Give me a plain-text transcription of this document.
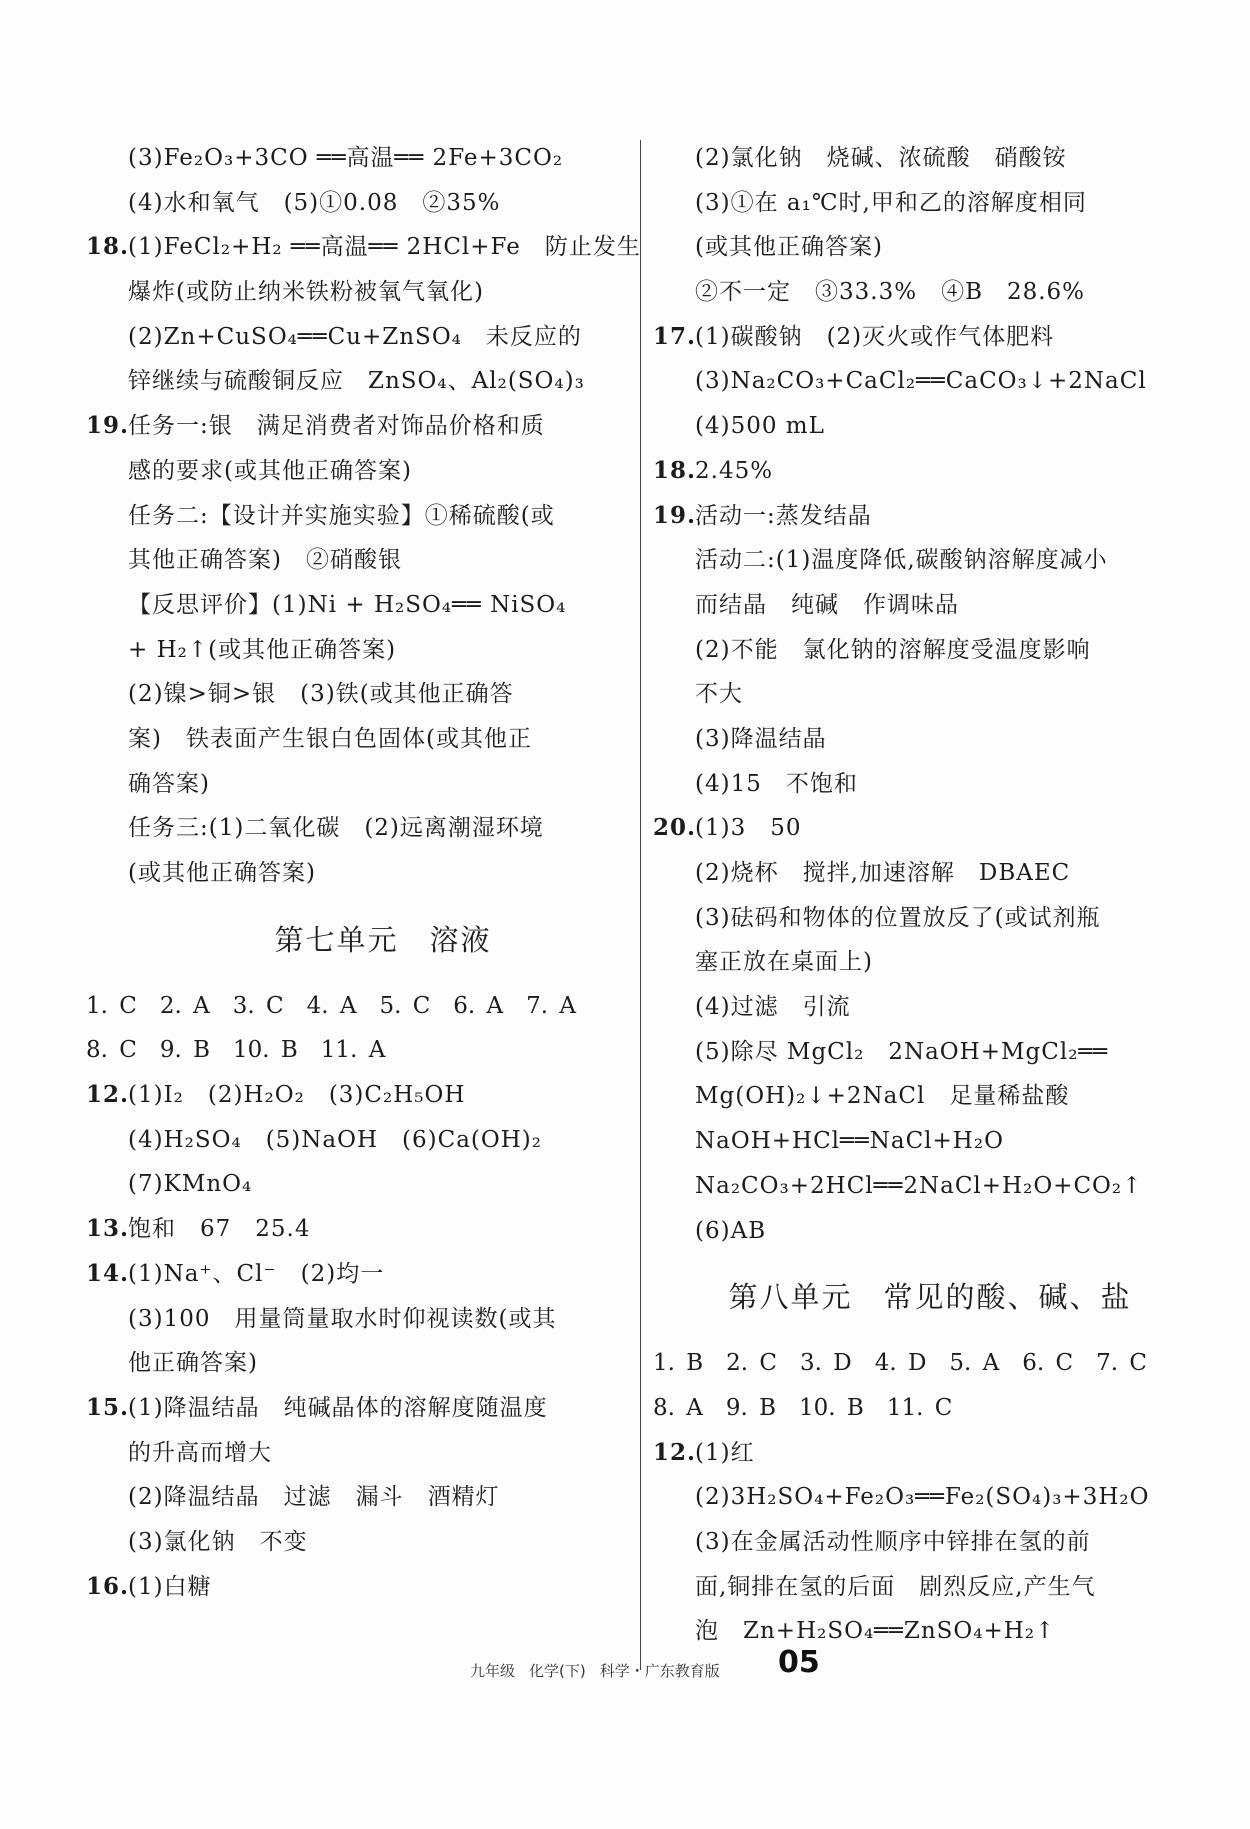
(3)Fe₂O₃+3CO ══高温══ 2Fe+3CO₂
(4)水和氧气　(5)①0.08　②35%
18.
(1)FeCl₂+H₂ ══高温══ 2HCl+Fe　防止发生
爆炸(或防止纳米铁粉被氧气氧化)
(2)Zn+CuSO₄══Cu+ZnSO₄　未反应的
锌继续与硫酸铜反应　ZnSO₄、Al₂(SO₄)₃
19.
任务一:银　满足消费者对饰品价格和质
感的要求(或其他正确答案)
任务二:【设计并实施实验】①稀硫酸(或
其他正确答案)　②硝酸银
【反思评价】(1)Ni + H₂SO₄══ NiSO₄
+ H₂↑(或其他正确答案)
(2)镍>铜>银　(3)铁(或其他正确答
案)　铁表面产生银白色固体(或其他正
确答案)
任务三:(1)二氧化碳　(2)远离潮湿环境
(或其他正确答案)
第七单元　溶液
1. C　2. A　3. C　4. A　5. C　6. A　7. A
8. C　9. B　10. B　11. A
12.
(1)I₂　(2)H₂O₂　(3)C₂H₅OH
(4)H₂SO₄　(5)NaOH　(6)Ca(OH)₂
(7)KMnO₄
13.
饱和　67　25.4
14.
(1)Na⁺、Cl⁻　(2)均一
(3)100　用量筒量取水时仰视读数(或其
他正确答案)
15.
(1)降温结晶　纯碱晶体的溶解度随温度
的升高而增大
(2)降温结晶　过滤　漏斗　酒精灯
(3)氯化钠　不变
16.
(1)白糖
(2)氯化钠　烧碱、浓硫酸　硝酸铵
(3)①在 a₁℃时,甲和乙的溶解度相同
(或其他正确答案)
②不一定　③33.3%　④B　28.6%
17.
(1)碳酸钠　(2)灭火或作气体肥料
(3)Na₂CO₃+CaCl₂══CaCO₃↓+2NaCl
(4)500 mL
18.
2.45%
19.
活动一:蒸发结晶
活动二:(1)温度降低,碳酸钠溶解度减小
而结晶　纯碱　作调味品
(2)不能　氯化钠的溶解度受温度影响
不大
(3)降温结晶
(4)15　不饱和
20.
(1)3　50
(2)烧杯　搅拌,加速溶解　DBAEC
(3)砝码和物体的位置放反了(或试剂瓶
塞正放在桌面上)
(4)过滤　引流
(5)除尽 MgCl₂　2NaOH+MgCl₂══
Mg(OH)₂↓+2NaCl　足量稀盐酸
NaOH+HCl══NaCl+H₂O
Na₂CO₃+2HCl══2NaCl+H₂O+CO₂↑
(6)AB
第八单元　常见的酸、碱、盐
1. B　2. C　3. D　4. D　5. A　6. C　7. C
8. A　9. B　10. B　11. C
12.
(1)红
(2)3H₂SO₄+Fe₂O₃══Fe₂(SO₄)₃+3H₂O
(3)在金属活动性顺序中锌排在氢的前
面,铜排在氢的后面　剧烈反应,产生气
泡　Zn+H₂SO₄══ZnSO₄+H₂↑
九年级 化学(下) 科学・广东教育版 05
